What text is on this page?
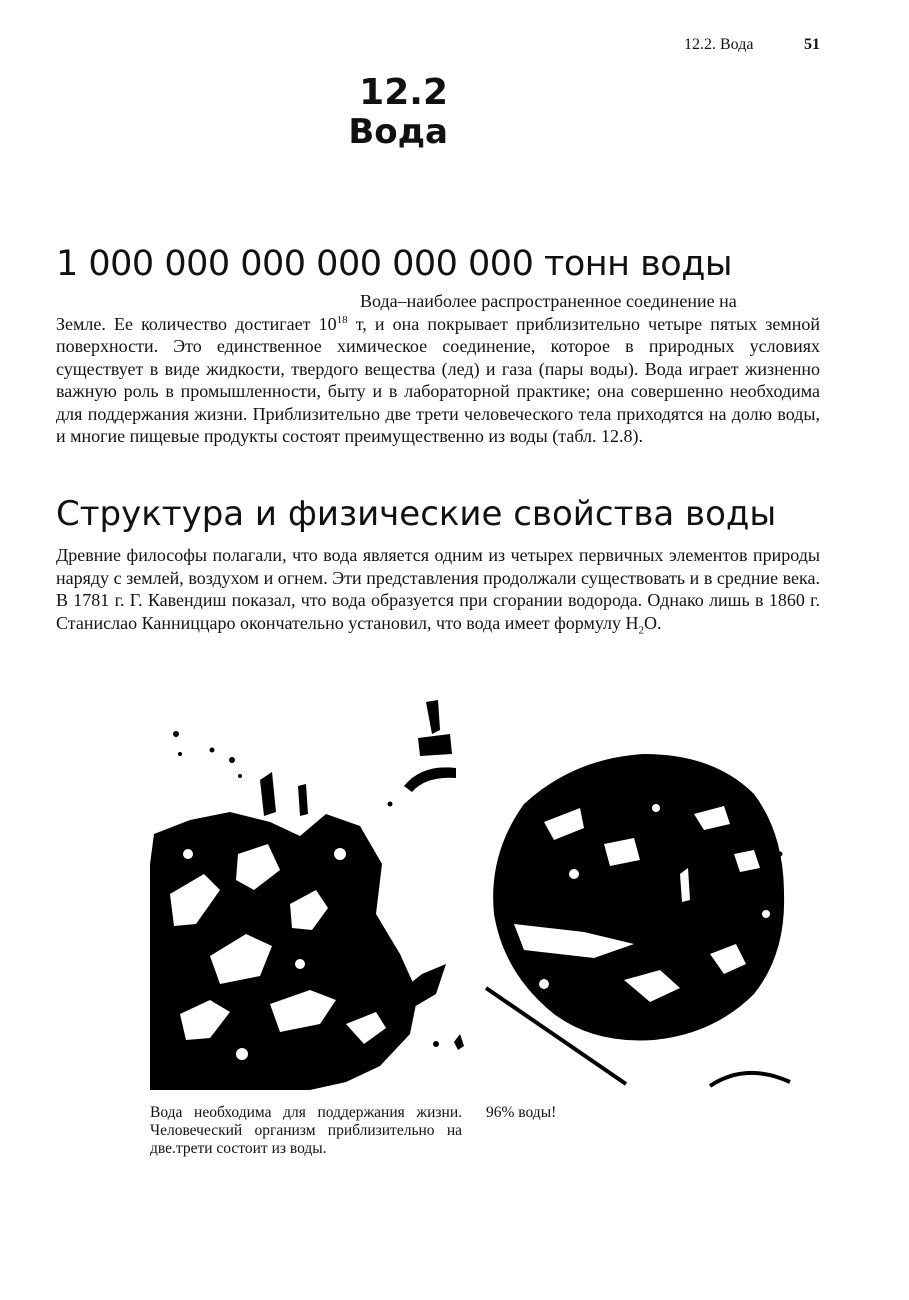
12.2. Вода	51
12.2
Вода
1 000 000 000 000 000 000 тонн воды
Вода–наиболее распространенное соединение на
Земле. Ее количество достигает $10^{18}$ т, и она покрывает приблизительно четыре пятых земной поверхности. Это единственное химическое соединение, которое в природных условиях существует в виде жидкости, твердого вещества (лед) и газа (пары воды). Вода играет жизненно важную роль в промышленности, быту и в лабораторной практике; она совершенно необходима для поддержания жизни. Приблизительно две трети человеческого тела приходятся на долю воды, и многие пищевые продукты состоят преимущественно из воды (табл. 12.8).
Структура и физические свойства воды
Древние философы полагали, что вода является одним из четырех первичных элементов природы наряду с землей, воздухом и огнем. Эти представления продолжали существовать и в средние века. В 1781 г. Г. Кавендиш показал, что вода образуется при сгорании водорода. Однако лишь в 1860 г. Станислао Канниццаро окончательно установил, что вода имеет формулу $H_2O$.
Вода необходима для поддержания жизни. Человеческий организм приблизительно на две.трети состоит из воды.
96% воды!
